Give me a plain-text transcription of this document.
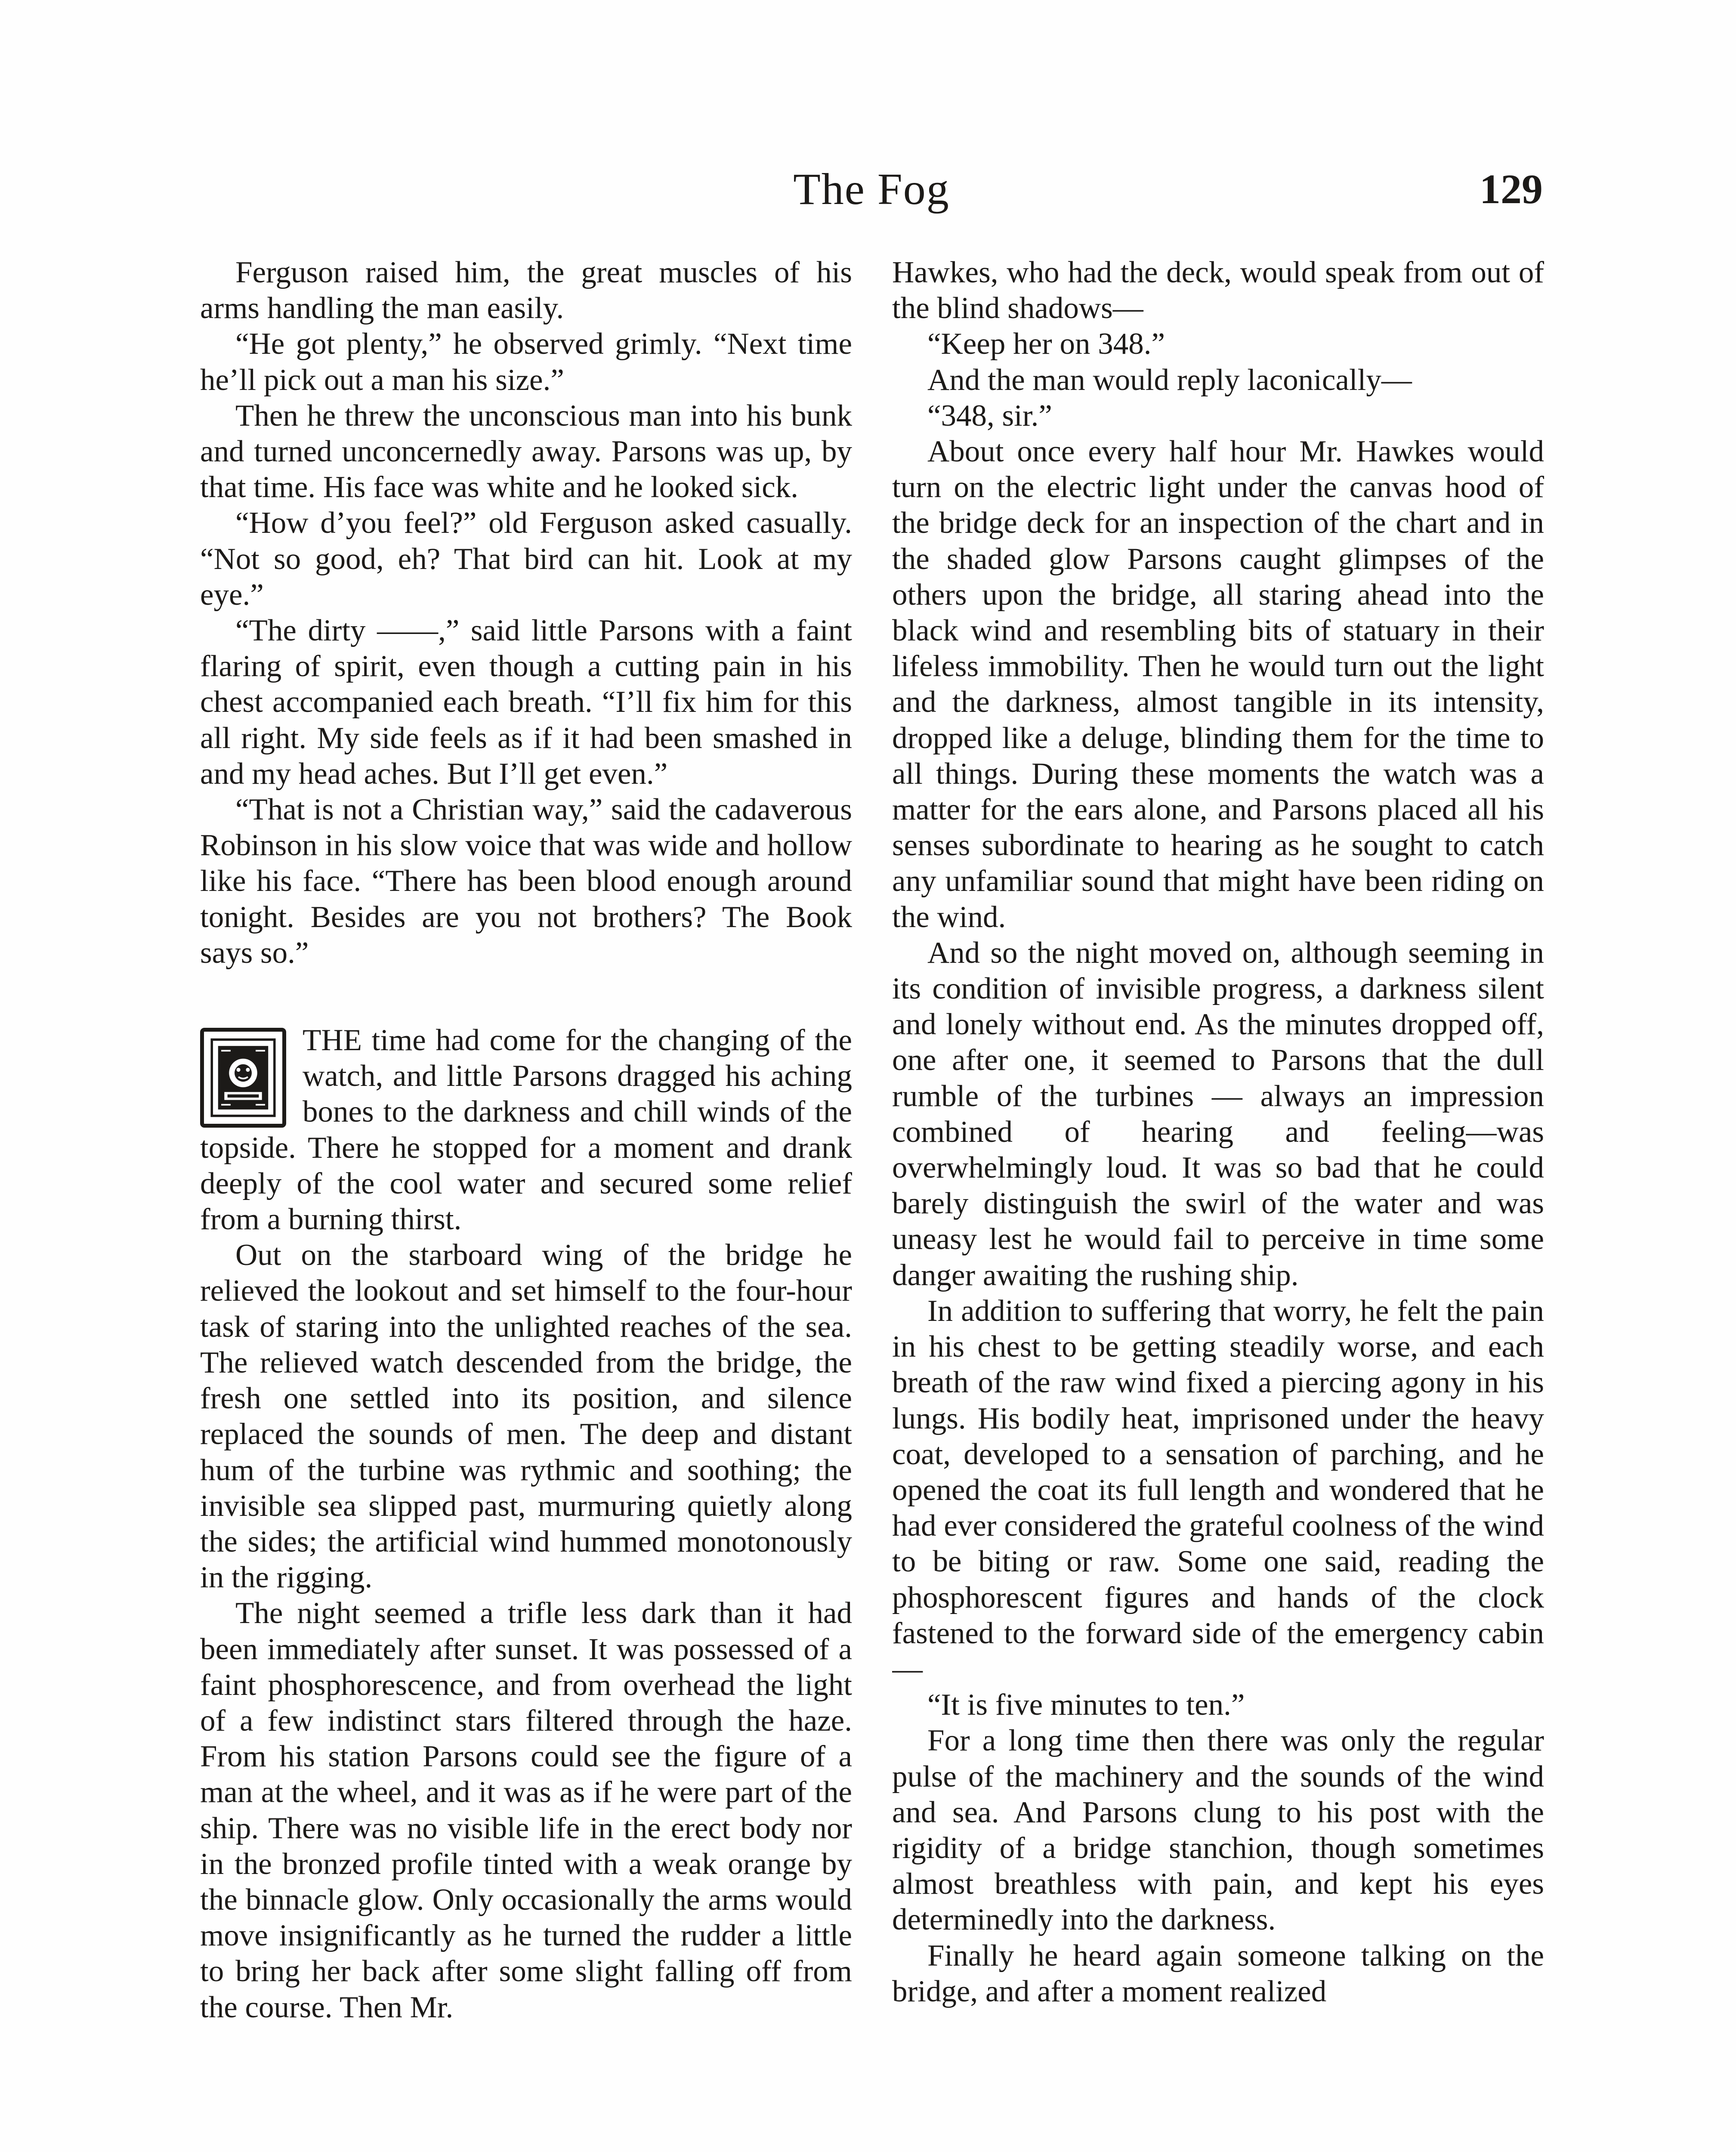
The Fog	129

Ferguson raised him, the great muscles of his arms handling the man easily.

“He got plenty,” he observed grimly. “Next time he’ll pick out a man his size.”

Then he threw the unconscious man into his bunk and turned unconcernedly away. Parsons was up, by that time. His face was white and he looked sick.

“How d’you feel?” old Ferguson asked casually. “Not so good, eh? That bird can hit. Look at my eye.”

“The dirty ——,” said little Parsons with a faint flaring of spirit, even though a cutting pain in his chest accompanied each breath. “I’ll fix him for this all right. My side feels as if it had been smashed in and my head aches. But I’ll get even.”

“That is not a Christian way,” said the cadaverous Robinson in his slow voice that was wide and hollow like his face. “There has been blood enough around tonight. Besides are you not brothers? The Book says so.”

THE time had come for the changing of the watch, and little Parsons dragged his aching bones to the darkness and chill winds of the topside. There he stopped for a moment and drank deeply of the cool water and secured some relief from a burning thirst.

Out on the starboard wing of the bridge he relieved the lookout and set himself to the four-hour task of staring into the unlighted reaches of the sea. The relieved watch descended from the bridge, the fresh one settled into its position, and silence replaced the sounds of men. The deep and distant hum of the turbine was rythmic and soothing; the invisible sea slipped past, murmuring quietly along the sides; the artificial wind hummed monotonously in the rigging.

The night seemed a trifle less dark than it had been immediately after sunset. It was possessed of a faint phosphorescence, and from overhead the light of a few indistinct stars filtered through the haze. From his station Parsons could see the figure of a man at the wheel, and it was as if he were part of the ship. There was no visible life in the erect body nor in the bronzed profile tinted with a weak orange by the binnacle glow. Only occasionally the arms would move insignificantly as he turned the rudder a little to bring her back after some slight falling off from the course. Then Mr.

Hawkes, who had the deck, would speak from out of the blind shadows—

“Keep her on 348.”

And the man would reply laconically—

“348, sir.”

About once every half hour Mr. Hawkes would turn on the electric light under the canvas hood of the bridge deck for an inspection of the chart and in the shaded glow Parsons caught glimpses of the others upon the bridge, all staring ahead into the black wind and resembling bits of statuary in their lifeless immobility. Then he would turn out the light and the darkness, almost tangible in its intensity, dropped like a deluge, blinding them for the time to all things. During these moments the watch was a matter for the ears alone, and Parsons placed all his senses subordinate to hearing as he sought to catch any unfamiliar sound that might have been riding on the wind.

And so the night moved on, although seeming in its condition of invisible progress, a darkness silent and lonely without end. As the minutes dropped off, one after one, it seemed to Parsons that the dull rumble of the turbines — always an impression combined of hearing and feeling—was overwhelmingly loud. It was so bad that he could barely distinguish the swirl of the water and was uneasy lest he would fail to perceive in time some danger awaiting the rushing ship.

In addition to suffering that worry, he felt the pain in his chest to be getting steadily worse, and each breath of the raw wind fixed a piercing agony in his lungs. His bodily heat, imprisoned under the heavy coat, developed to a sensation of parching, and he opened the coat its full length and wondered that he had ever considered the grateful coolness of the wind to be biting or raw. Some one said, reading the phosphorescent figures and hands of the clock fastened to the forward side of the emergency cabin—

“It is five minutes to ten.”

For a long time then there was only the regular pulse of the machinery and the sounds of the wind and sea. And Parsons clung to his post with the rigidity of a bridge stanchion, though sometimes almost breathless with pain, and kept his eyes determinedly into the darkness.

Finally he heard again someone talking on the bridge, and after a moment realized
